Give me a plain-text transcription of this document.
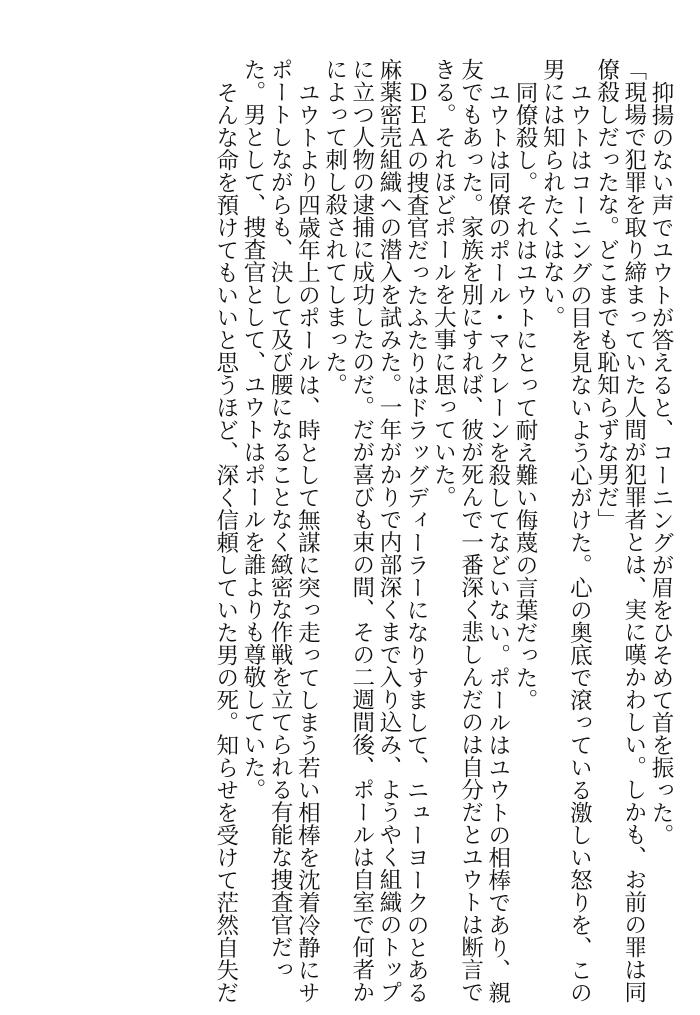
抑揚のない声でユウトが答えると、コーニングが眉をひそめて首を振った。
「現場で犯罪を取り締まっていた人間が犯罪者とは、実に嘆かわしい。しかも、お前の罪は同
僚殺しだったな。どこまでも恥知らずな男だ」
ユウトはコーニングの目を見ないよう心がけた。心の奥底で滾っている激しい怒りを、この
男には知られたくはない。
同僚殺し。それはユウトにとって耐え難い侮蔑の言葉だった。
ユウトは同僚のポール・マクレーンを殺してなどいない。ポールはユウトの相棒であり、親
友でもあった。家族を別にすれば、彼が死んで一番深く悲しんだのは自分だとユウトは断言で
きる。それほどポールを大事に思っていた。
ＤＥＡの捜査官だったふたりはドラッグディーラーになりすまして、ニューヨークのとある
麻薬密売組織への潜入を試みた。一年がかりで内部深くまで入り込み、ようやく組織のトップ
に立つ人物の逮捕に成功したのだ。だが喜びも束の間、その二週間後、ポールは自室で何者か
によって刺し殺されてしまった。
ユウトより四歳年上のポールは、時として無謀に突っ走ってしまう若い相棒を沈着冷静にサ
ポートしながらも、決して及び腰になることなく緻密な作戦を立てられる有能な捜査官だっ
た。男として、捜査官として、ユウトはポールを誰よりも尊敬していた。
そんな命を預けてもいいと思うほど、深く信頼していた男の死。知らせを受けて茫然自失だ
